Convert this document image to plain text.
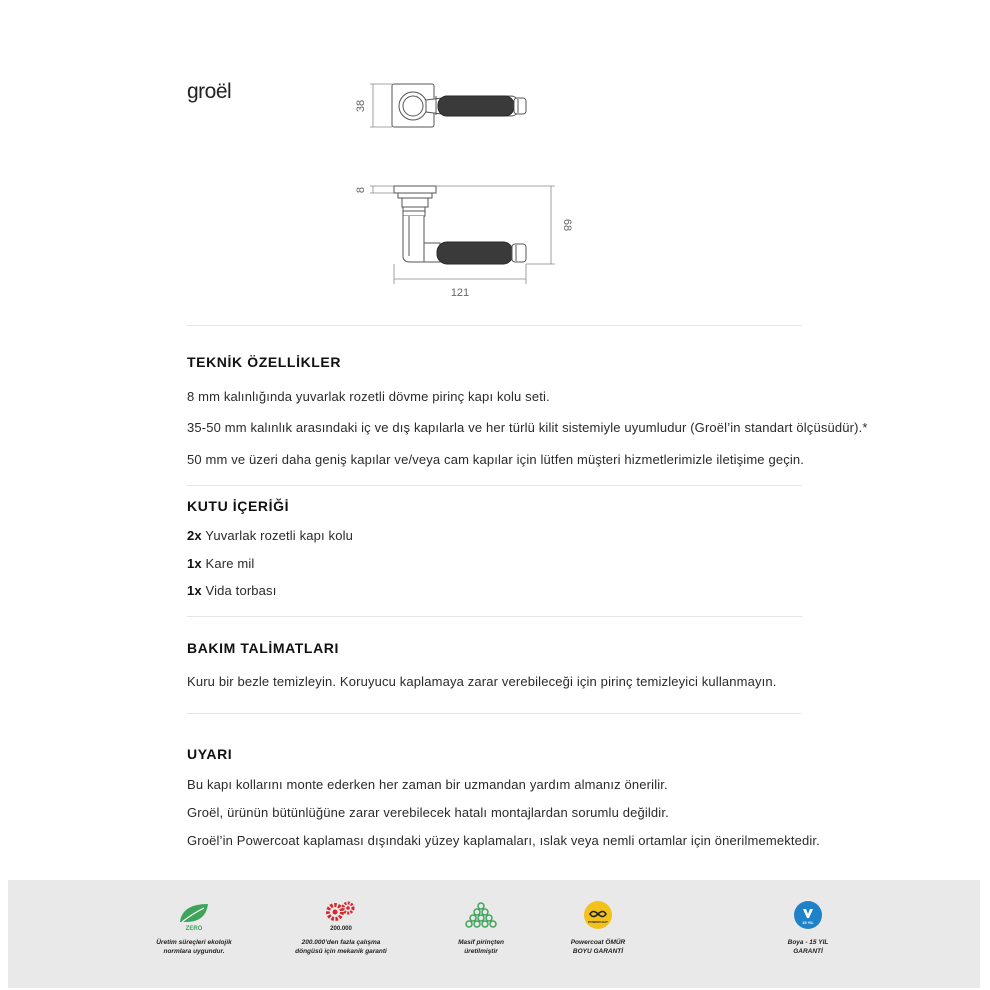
groël
38
8
68
121
TEKNİK ÖZELLİKLER

8 mm kalınlığında yuvarlak rozetli dövme pirinç kapı kolu seti.

35-50 mm kalınlık arasındaki iç ve dış kapılarla ve her türlü kilit sistemiyle uyumludur (Groël’in standart ölçüsüdür).*

50 mm ve üzeri daha geniş kapılar ve/veya cam kapılar için lütfen müşteri hizmetlerimizle iletişime geçin.

KUTU İÇERİĞİ

2x Yuvarlak rozetli kapı kolu

1x Kare mil

1x Vida torbası

BAKIM TALİMATLARI

Kuru bir bezle temizleyin. Koruyucu kaplamaya zarar verebileceği için pirinç temizleyici kullanmayın.

UYARI

Bu kapı kollarını monte ederken her zaman bir uzmandan yardım almanız önerilir.

Groël, ürünün bütünlüğüne zarar verebilecek hatalı montajlardan sorumlu değildir.

Groël’in Powercoat kaplaması dışındaki yüzey kaplamaları, ıslak veya nemli ortamlar için önerilmemektedir.

ZERO
Üretim süreçleri ekolojik
normlara uygundur.
200.000
200.000’den fazla çalışma
döngüsü için mekanik garanti
Masif pirinçten
üretilmiştir
POWERCOAT
Powercoat ÖMÜR
BOYU GARANTİ
15 YIL
Boya - 15 YIL
GARANTİ
